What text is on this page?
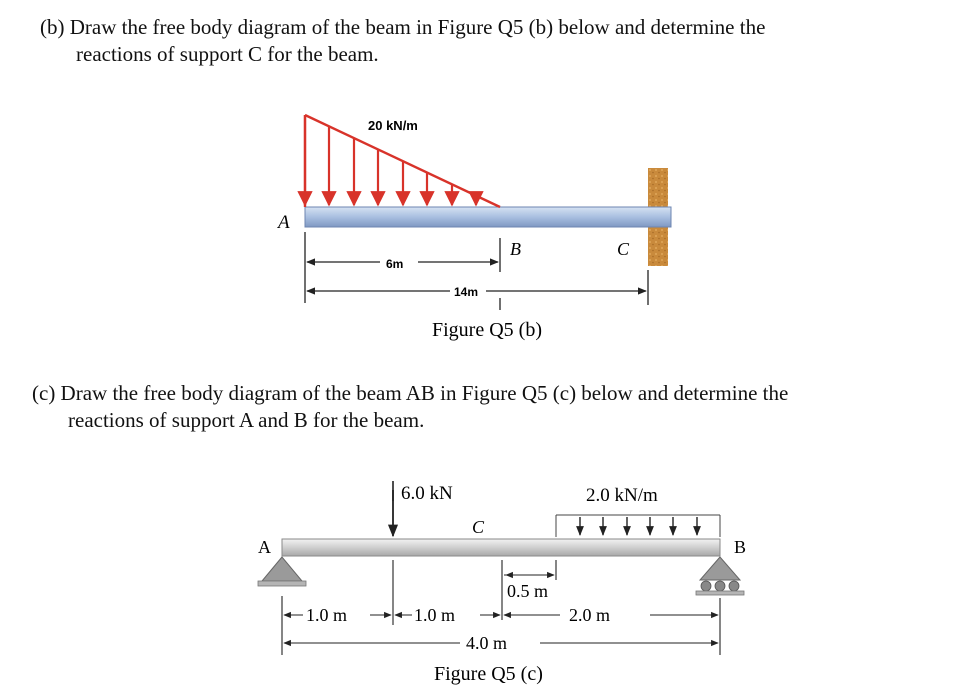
(b) Draw the free body diagram of the beam in Figure Q5 (b) below and determine the
reactions of support C for the beam.
(c) Draw the free body diagram of the beam AB in Figure Q5 (c) below and determine the
reactions of support A and B for the beam.
20 kN/m
A
B	C
6m
14m
Figure Q5 (b)
A	B
C
6.0 kN	2.0 kN/m
0.5 m
1.0 m	1.0 m	2.0 m
4.0 m
Figure Q5 (c)
